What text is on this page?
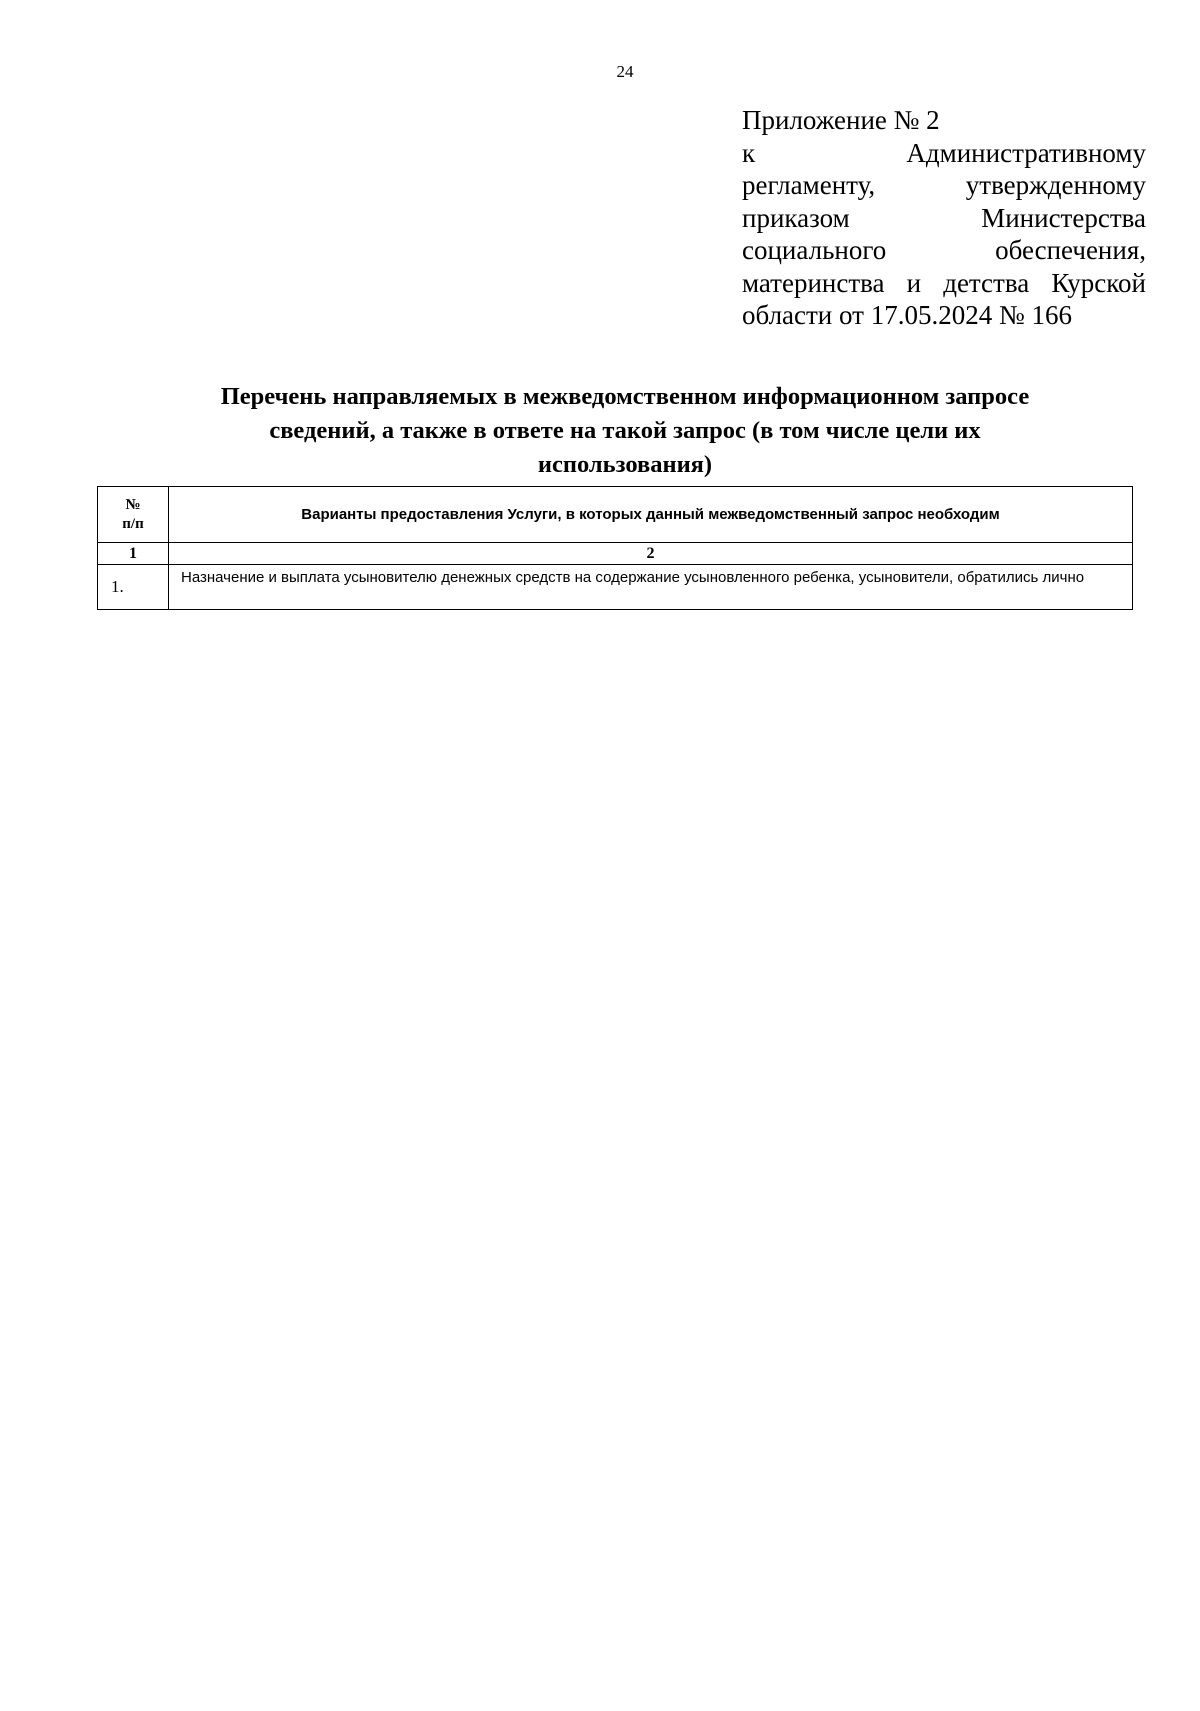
24
Приложение № 2
к Административному
регламенту, утвержденному
приказом Министерства
социального обеспечения,
материнства и детства Курской
области от 17.05.2024 № 166
Перечень направляемых в межведомственном информационном запросе
сведений, а также в ответе на такой запрос (в том числе цели их
использования)
№
п/п	Варианты предоставления Услуги, в которых данный межведомственный запрос необходим
1	2
1.	Назначение и выплата усыновителю денежных средств на содержание усыновленного ребенка, усыновители, обратились лично
